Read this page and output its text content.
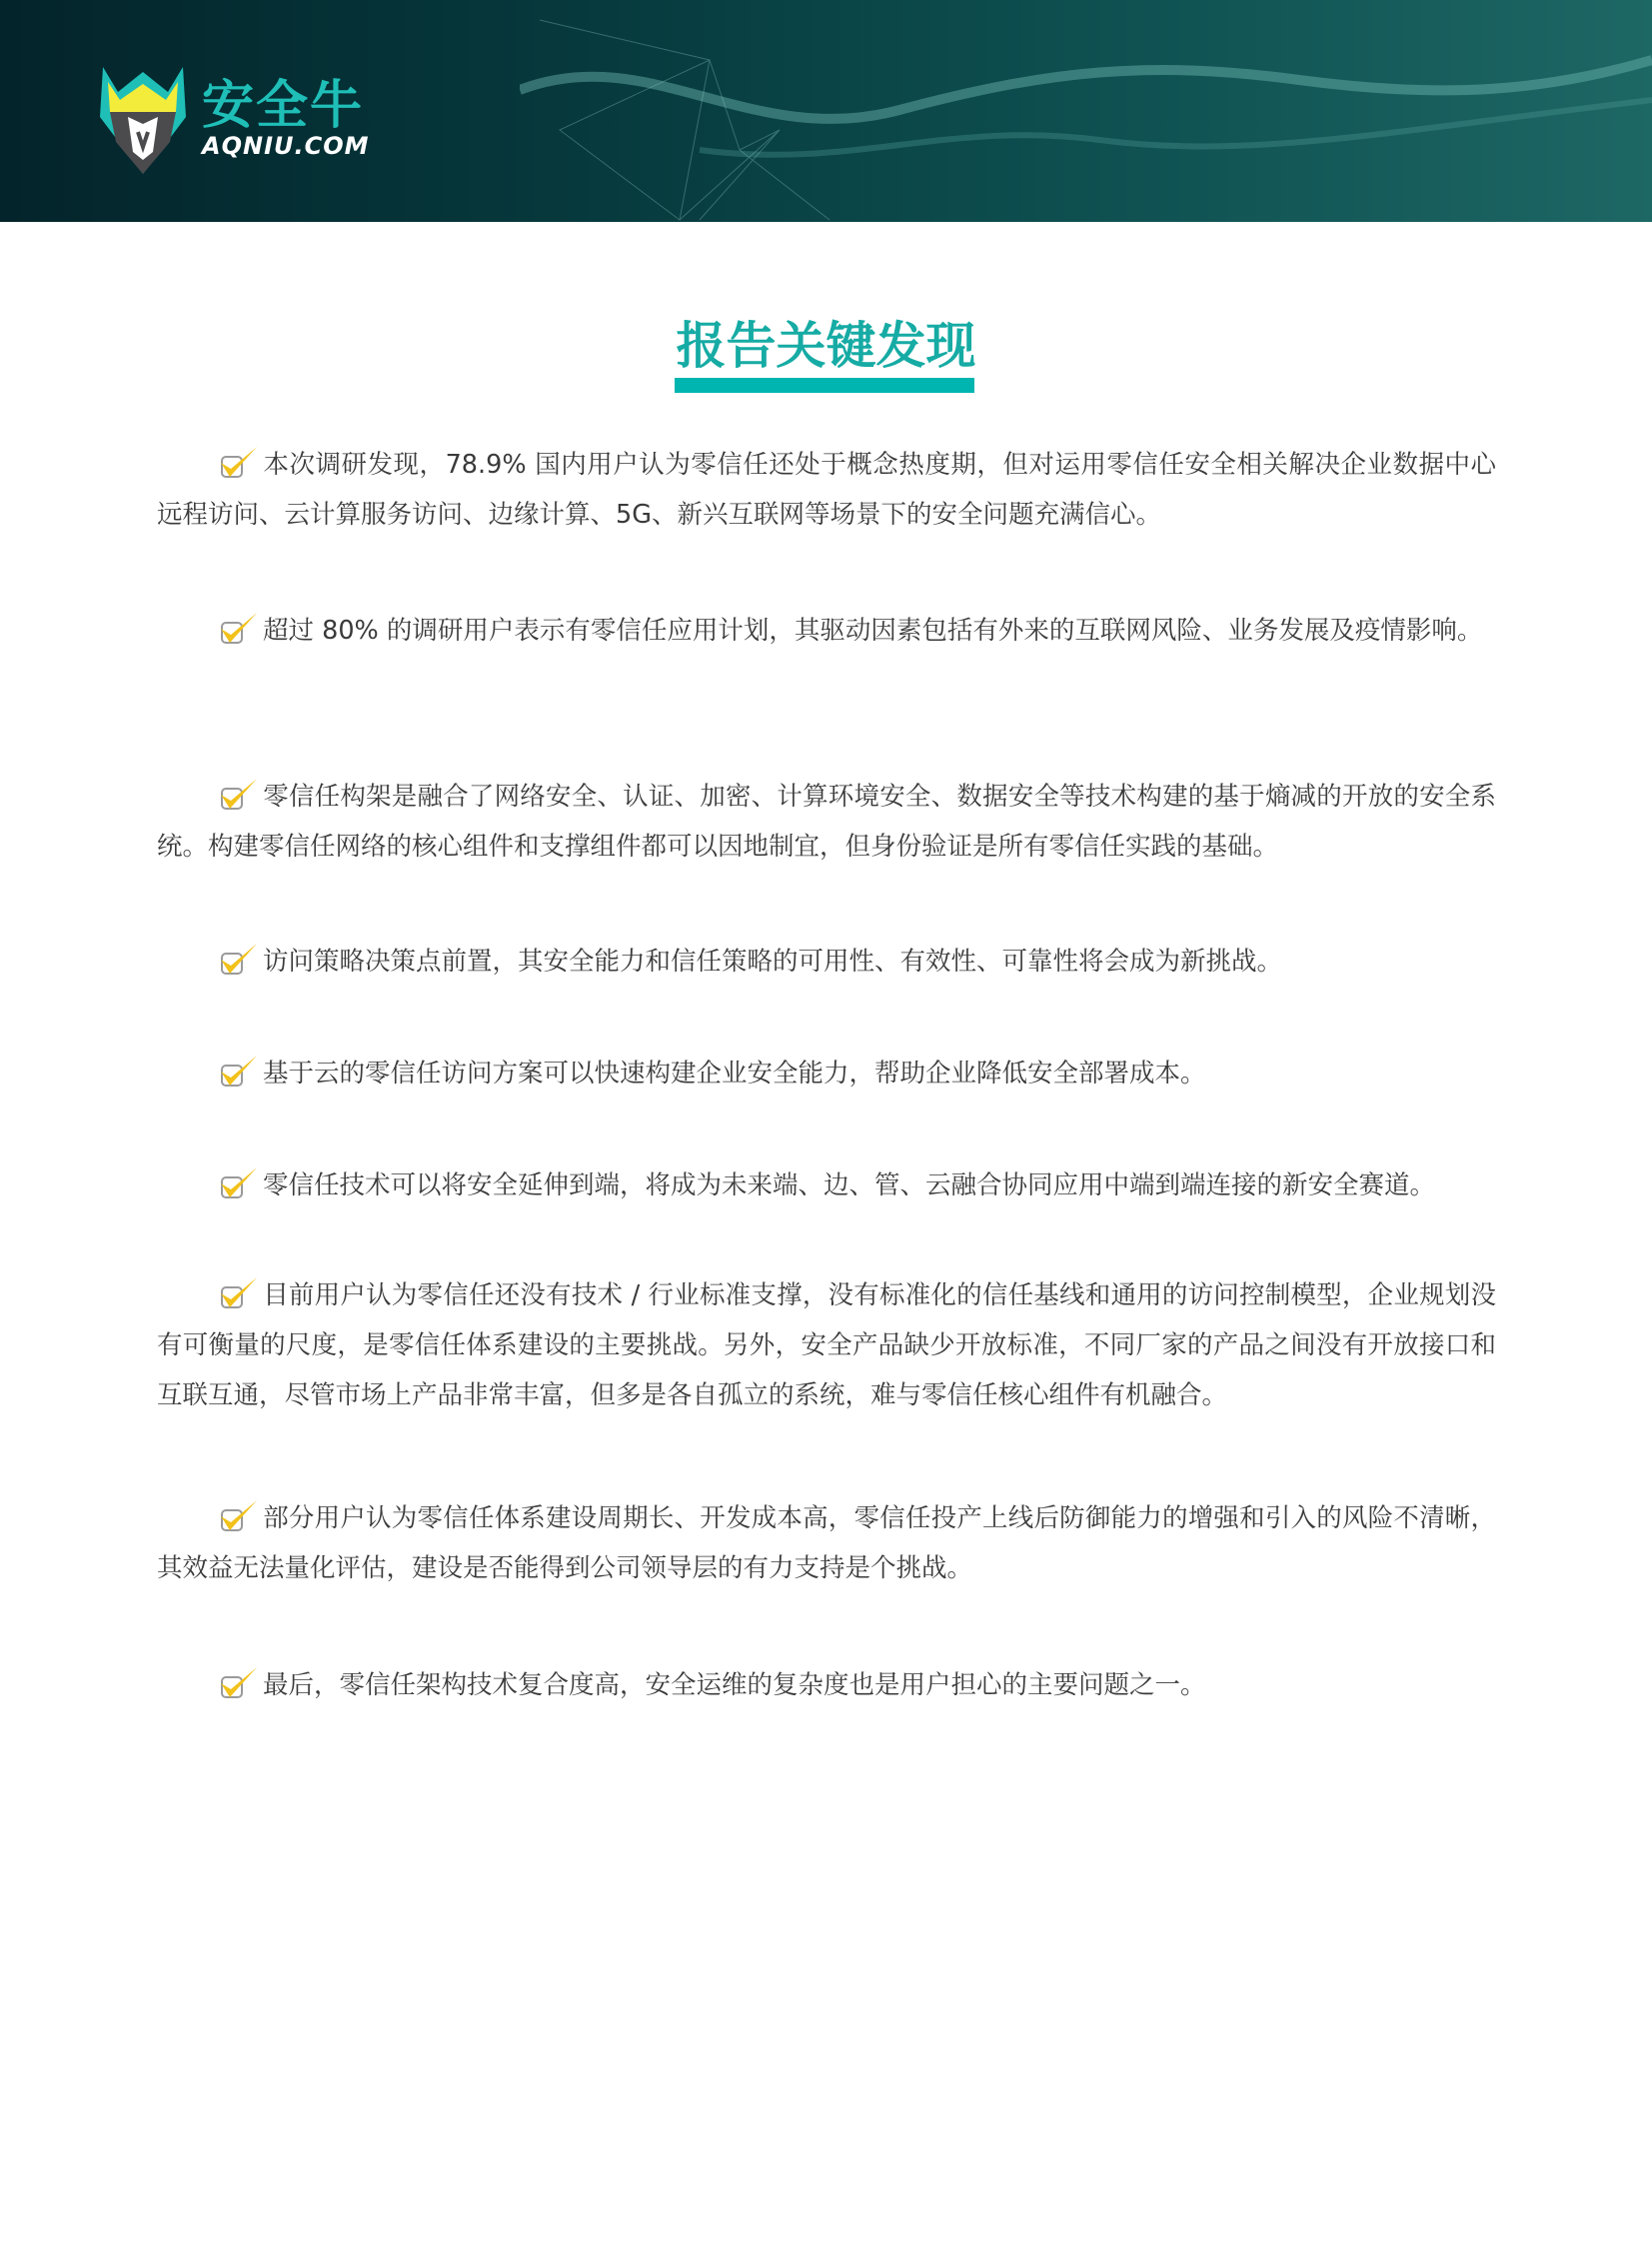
安全牛
AQNIU.COM
报告关键发现
本次调研发现，78.9% 国内用户认为零信任还处于概念热度期，但对运用零信任安全相关解决企业数据中心远程访问、云计算服务访问、边缘计算、5G、新兴互联网等场景下的安全问题充满信心。
超过 80% 的调研用户表示有零信任应用计划，其驱动因素包括有外来的互联网风险、业务发展及疫情影响。
零信任构架是融合了网络安全、认证、加密、计算环境安全、数据安全等技术构建的基于熵减的开放的安全系统。构建零信任网络的核心组件和支撑组件都可以因地制宜，但身份验证是所有零信任实践的基础。
访问策略决策点前置，其安全能力和信任策略的可用性、有效性、可靠性将会成为新挑战。
基于云的零信任访问方案可以快速构建企业安全能力，帮助企业降低安全部署成本。
零信任技术可以将安全延伸到端，将成为未来端、边、管、云融合协同应用中端到端连接的新安全赛道。
目前用户认为零信任还没有技术 / 行业标准支撑，没有标准化的信任基线和通用的访问控制模型，企业规划没有可衡量的尺度，是零信任体系建设的主要挑战。另外，安全产品缺少开放标准，不同厂家的产品之间没有开放接口和互联互通，尽管市场上产品非常丰富，但多是各自孤立的系统，难与零信任核心组件有机融合。
部分用户认为零信任体系建设周期长、开发成本高，零信任投产上线后防御能力的增强和引入的风险不清晰，其效益无法量化评估，建设是否能得到公司领导层的有力支持是个挑战。
最后，零信任架构技术复合度高，安全运维的复杂度也是用户担心的主要问题之一。
